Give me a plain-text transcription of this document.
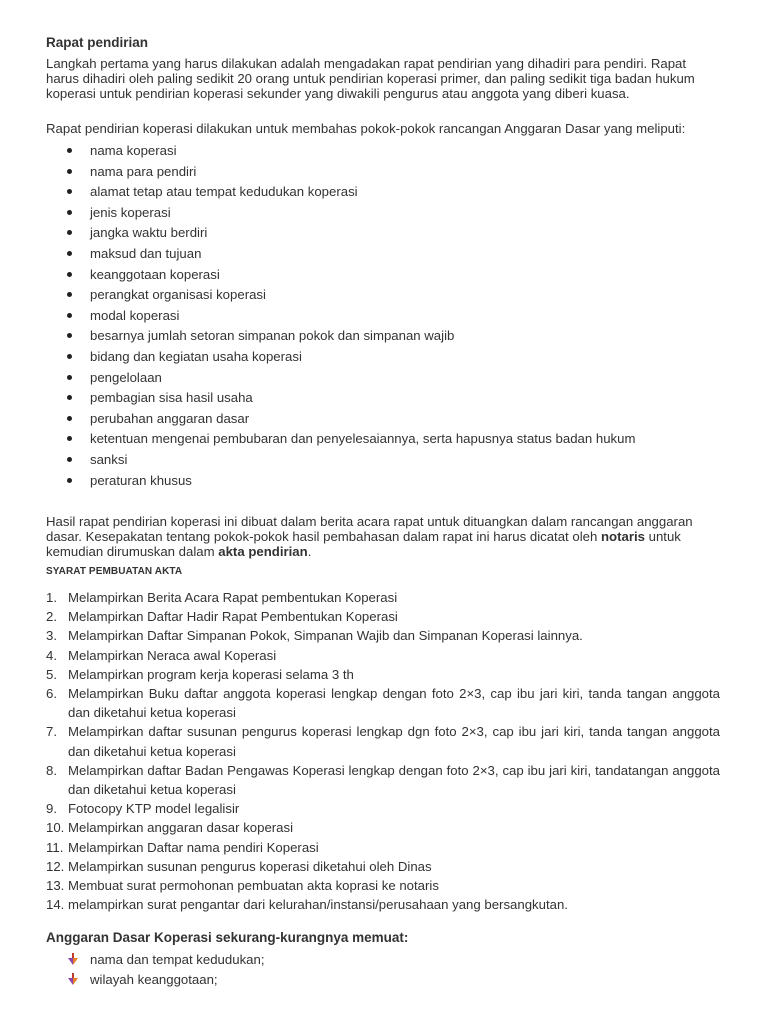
Rapat pendirian

Langkah pertama yang harus dilakukan adalah mengadakan rapat pendirian yang dihadiri para pendiri. Rapat harus dihadiri oleh paling sedikit 20 orang untuk pendirian koperasi primer, dan paling sedikit tiga badan hukum koperasi untuk pendirian koperasi sekunder yang diwakili pengurus atau anggota yang diberi kuasa.

Rapat pendirian koperasi dilakukan untuk membahas pokok-pokok rancangan Anggaran Dasar yang meliputi:

nama koperasi
nama para pendiri
alamat tetap atau tempat kedudukan koperasi
jenis koperasi
jangka waktu berdiri
maksud dan tujuan
keanggotaan koperasi
perangkat organisasi koperasi
modal koperasi
besarnya jumlah setoran simpanan pokok dan simpanan wajib
bidang dan kegiatan usaha koperasi
pengelolaan
pembagian sisa hasil usaha
perubahan anggaran dasar
ketentuan mengenai pembubaran dan penyelesaiannya, serta hapusnya status badan hukum
sanksi
peraturan khusus

Hasil rapat pendirian koperasi ini dibuat dalam berita acara rapat untuk dituangkan dalam rancangan anggaran dasar. Kesepakatan tentang pokok-pokok hasil pembahasan dalam rapat ini harus dicatat oleh notaris untuk kemudian dirumuskan dalam akta pendirian.

SYARAT PEMBUATAN AKTA
1. Melampirkan Berita Acara Rapat pembentukan Koperasi
2. Melampirkan Daftar Hadir Rapat Pembentukan Koperasi
3. Melampirkan Daftar Simpanan Pokok, Simpanan Wajib dan Simpanan Koperasi lainnya.
4. Melampirkan Neraca awal Koperasi
5. Melampirkan program kerja koperasi selama 3 th
6. Melampirkan Buku daftar anggota koperasi lengkap dengan foto 2×3, cap ibu jari kiri, tanda tangan anggota dan diketahui ketua koperasi
7. Melampirkan daftar susunan pengurus koperasi lengkap dgn foto 2×3, cap ibu jari kiri, tanda tangan anggota dan diketahui ketua koperasi
8. Melampirkan daftar Badan Pengawas Koperasi lengkap dengan foto 2×3, cap ibu jari kiri, tandatangan anggota dan diketahui ketua koperasi
9. Fotocopy KTP model legalisir
10. Melampirkan anggaran dasar koperasi
11. Melampirkan Daftar nama pendiri Koperasi
12. Melampirkan susunan pengurus koperasi diketahui oleh Dinas
13. Membuat surat permohonan pembuatan akta koprasi ke notaris
14. melampirkan surat pengantar dari kelurahan/instansi/perusahaan yang bersangkutan.
Anggaran Dasar Koperasi sekurang-kurangnya memuat:
nama dan tempat kedudukan;
wilayah keanggotaan;
